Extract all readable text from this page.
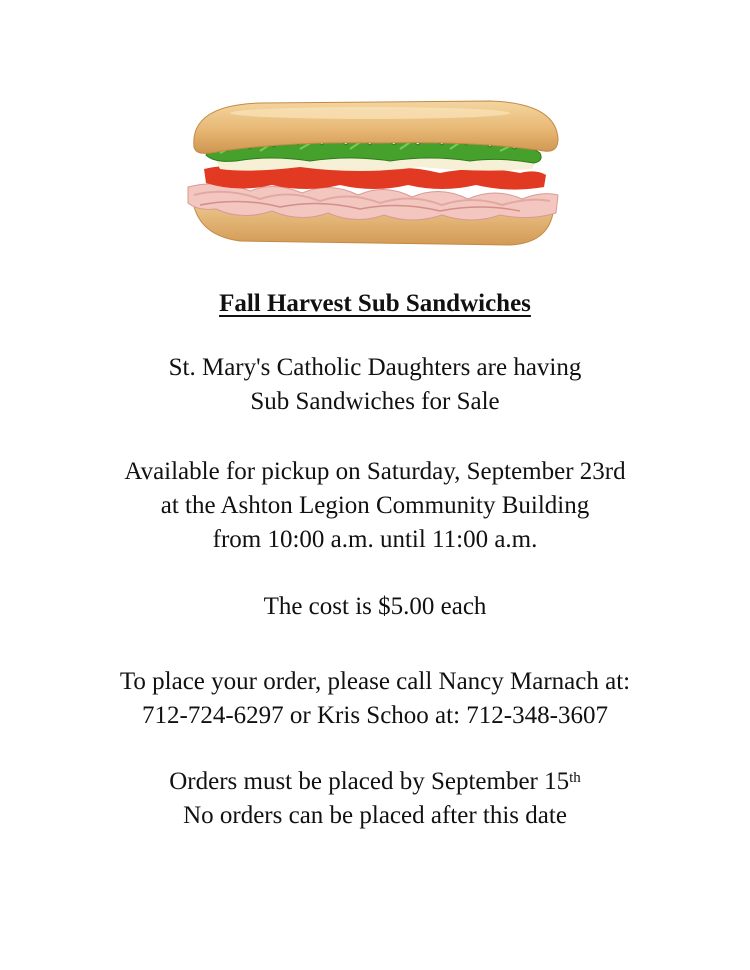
Fall Harvest Sub Sandwiches

St. Mary's Catholic Daughters are having
Sub Sandwiches for Sale

Available for pickup on Saturday, September 23rd
at the Ashton Legion Community Building
from 10:00 a.m. until 11:00 a.m.

The cost is $5.00 each

To place your order, please call Nancy Marnach at:
712-724-6297 or Kris Schoo at: 712-348-3607

Orders must be placed by September 15th
No orders can be placed after this date
